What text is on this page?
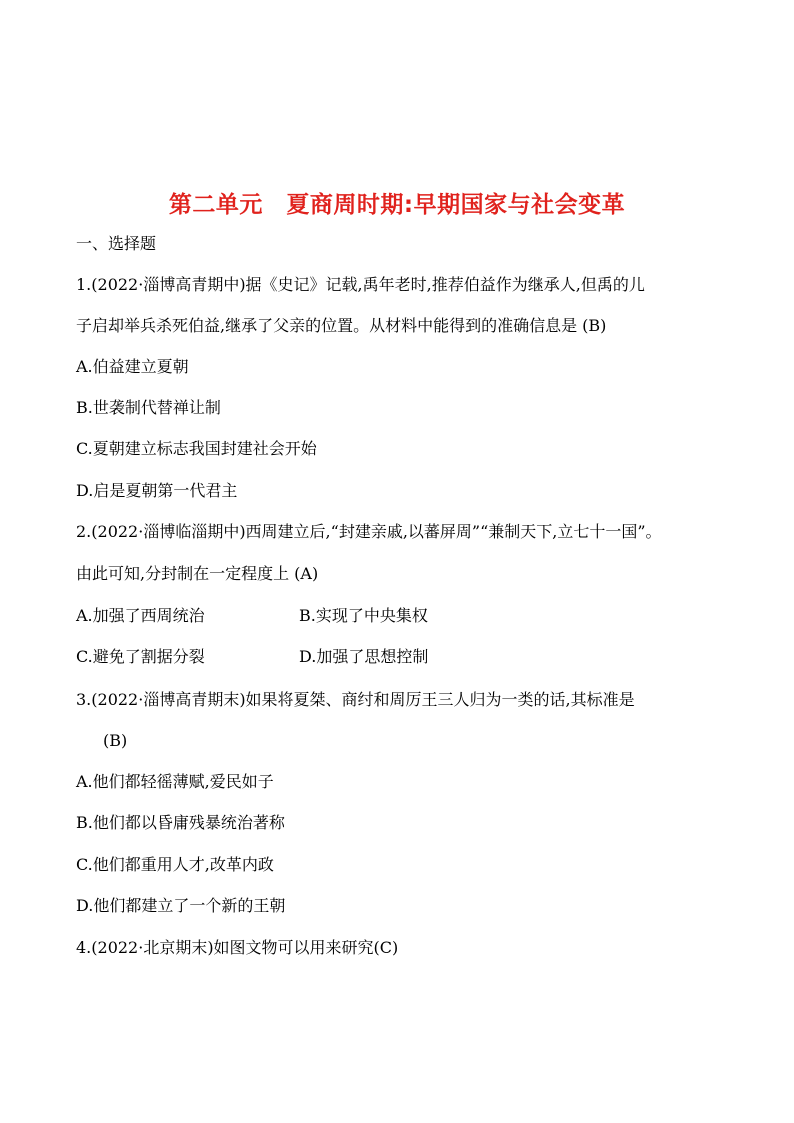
第二单元　夏商周时期:早期国家与社会变革
一、选择题
1.(2022·淄博高青期中)据《史记》记载,禹年老时,推荐伯益作为继承人,但禹的儿
子启却举兵杀死伯益,继承了父亲的位置。从材料中能得到的准确信息是 (B)
A.伯益建立夏朝
B.世袭制代替禅让制
C.夏朝建立标志我国封建社会开始
D.启是夏朝第一代君主
2.(2022·淄博临淄期中)西周建立后,“封建亲戚,以蕃屏周”“兼制天下,立七十一国”。
由此可知,分封制在一定程度上 (A)
A.加强了西周统治	B.实现了中央集权
C.避免了割据分裂	D.加强了思想控制
3.(2022·淄博高青期末)如果将夏桀、商纣和周厉王三人归为一类的话,其标准是
(B)
A.他们都轻徭薄赋,爱民如子
B.他们都以昏庸残暴统治著称
C.他们都重用人才,改革内政
D.他们都建立了一个新的王朝
4.(2022·北京期末)如图文物可以用来研究(C)
